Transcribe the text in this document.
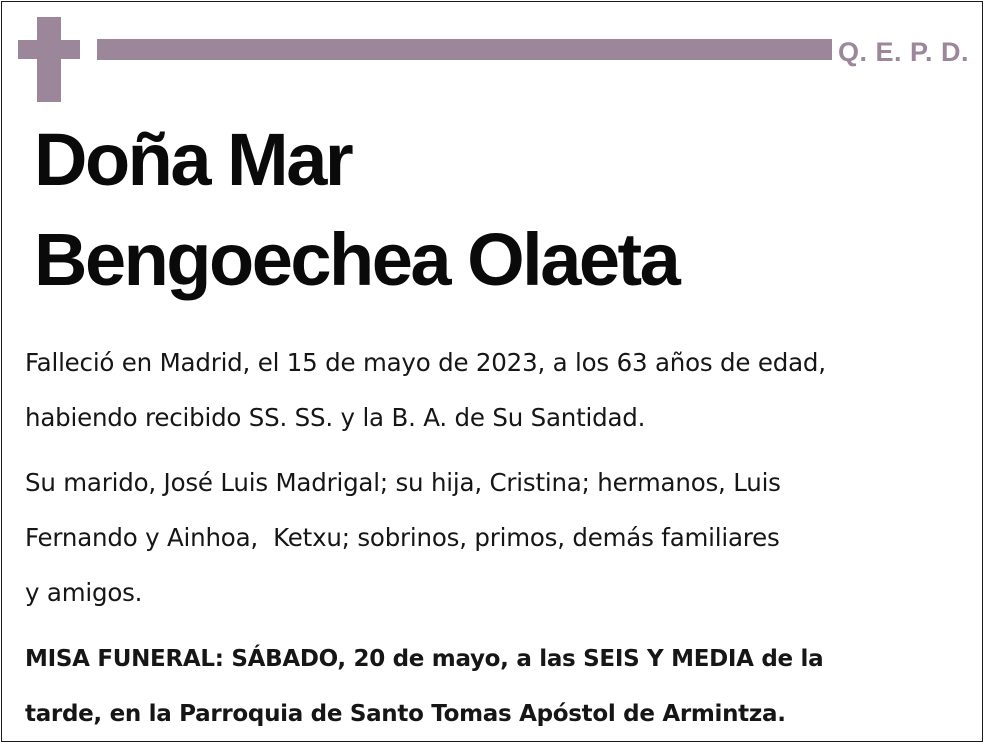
Q. E. P. D.
Doña Mar
Bengoechea Olaeta

Falleció en Madrid, el 15 de mayo de 2023, a los 63 años de edad,
habiendo recibido SS. SS. y la B. A. de Su Santidad.

Su marido, José Luis Madrigal; su hija, Cristina; hermanos, Luis
Fernando y Ainhoa,  Ketxu; sobrinos, primos, demás familiares
y amigos.

MISA FUNERAL: SÁBADO, 20 de mayo, a las SEIS Y MEDIA de la
tarde, en la Parroquia de Santo Tomas Apóstol de Armintza.
